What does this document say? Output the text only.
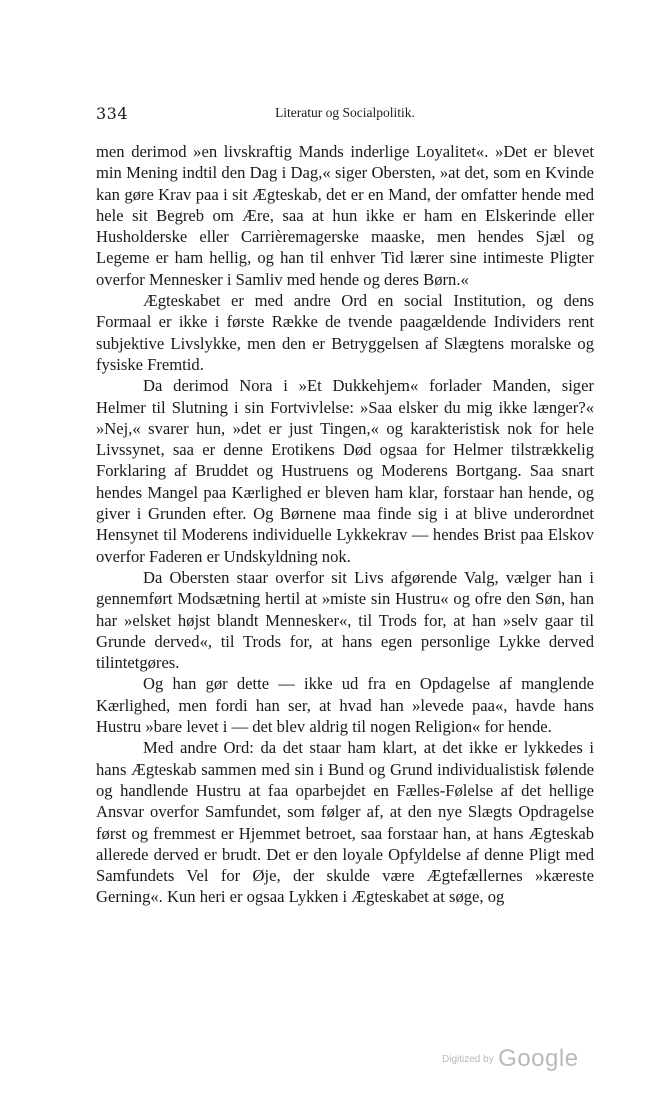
334	Literatur og Socialpolitik.

men derimod »en livskraftig Mands inderlige Loyalitet«. »Det er blevet min Mening indtil den Dag i Dag,« siger Obersten, »at det, som en Kvinde kan gøre Krav paa i sit Ægteskab, det er en Mand, der omfatter hende med hele sit Begreb om Ære, saa at hun ikke er ham en Elskerinde eller Husholderske eller Carrièremagerske maaske, men hendes Sjæl og Legeme er ham hellig, og han til enhver Tid lærer sine intimeste Pligter overfor Mennesker i Samliv med hende og deres Børn.«

Ægteskabet er med andre Ord en social Institution, og dens Formaal er ikke i første Række de tvende paagældende Individers rent subjektive Livslykke, men den er Betryggelsen af Slægtens moralske og fysiske Fremtid.

Da derimod Nora i »Et Dukkehjem« forlader Manden, siger Helmer til Slutning i sin Fortvivlelse: »Saa elsker du mig ikke længer?« »Nej,« svarer hun, »det er just Tingen,« og karakteristisk nok for hele Livssynet, saa er denne Erotikens Død ogsaa for Helmer tilstrækkelig Forklaring af Bruddet og Hustruens og Moderens Bortgang. Saa snart hendes Mangel paa Kærlighed er bleven ham klar, forstaar han hende, og giver i Grunden efter. Og Børnene maa finde sig i at blive underordnet Hensynet til Moderens individuelle Lykkekrav — hendes Brist paa Elskov overfor Faderen er Undskyldning nok.

Da Obersten staar overfor sit Livs afgørende Valg, vælger han i gennemført Modsætning hertil at »miste sin Hustru« og ofre den Søn, han har »elsket højst blandt Mennesker«, til Trods for, at han »selv gaar til Grunde derved«, til Trods for, at hans egen personlige Lykke derved tilintetgøres.

Og han gør dette — ikke ud fra en Opdagelse af manglende Kærlighed, men fordi han ser, at hvad han »levede paa«, havde hans Hustru »bare levet i — det blev aldrig til nogen Religion« for hende.

Med andre Ord: da det staar ham klart, at det ikke er lykkedes i hans Ægteskab sammen med sin i Bund og Grund individualistisk følende og handlende Hustru at faa oparbejdet en Fælles-Følelse af det hellige Ansvar overfor Samfundet, som følger af, at den nye Slægts Opdragelse først og fremmest er Hjemmet betroet, saa forstaar han, at hans Ægteskab allerede derved er brudt. Det er den loyale Opfyldelse af denne Pligt med Samfundets Vel for Øje, der skulde være Ægtefællernes »kæreste Gerning«. Kun heri er ogsaa Lykken i Ægteskabet at søge, og

$^{Digitized by}$ Google
